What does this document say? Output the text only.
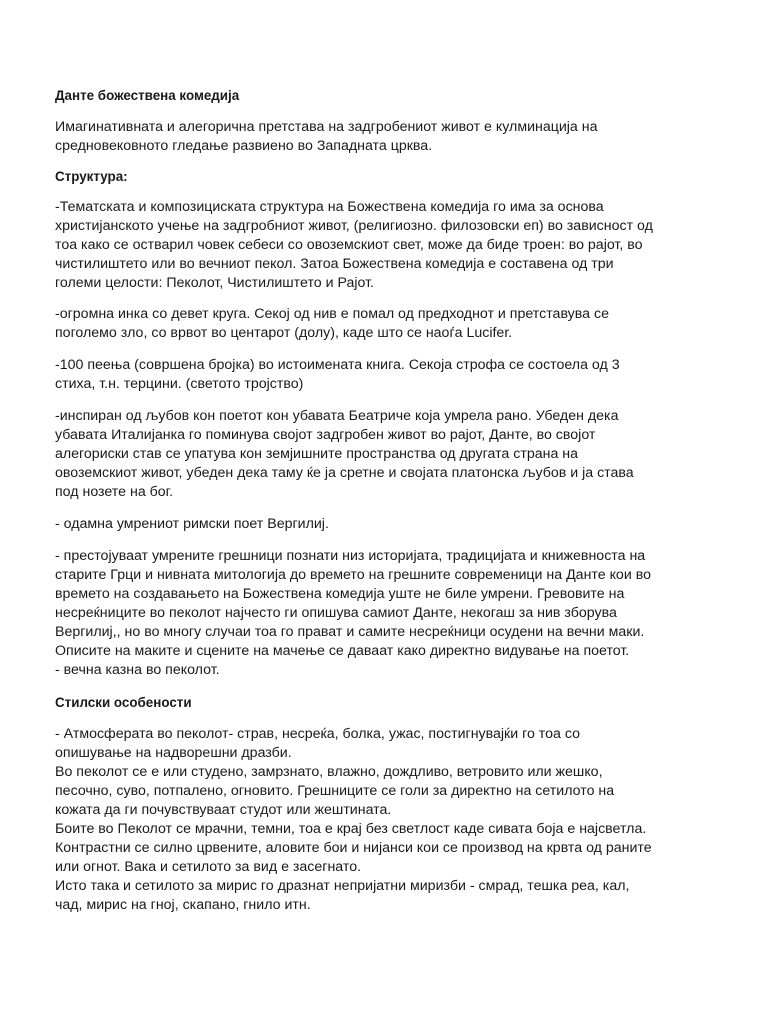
Данте божествена комедија

Имагинативната и алегорична претстава на задгробениот живот е кулминација на
средновековното гледање развиено во Западната црква.

Структура:

-Тематската и композициската структура на Божествена комедија го има за основа
христијанското учење на задгробниот живот, (религиозно. филозовски еп) во зависност од
тоа како се остварил човек себеси со овоземскиот свет, може да биде троен: во рајот, во
чистилиштето или во вечниот пекол. Затоа Божествена комедија е составена од три
големи целости: Пеколот, Чистилиштето и Рајот.

-огромна инка со девет круга. Секој од нив е помал од предходнот и претставува се
поголемо зло, со врвот во центарот (долу), каде што се наоѓа Lucifer.

-100 пеења (совршена бројка) во истоимената книга. Секоја строфа се состоела од 3
стиха, т.н. терцини. (светото тројство)

-инспиран од љубов кон поетот кон убавата Беатриче која умрела рано. Убеден дека
убавата Италијанка го поминува својот задгробен живот во рајот, Данте, во својот
алегориски став се упатува кон земјишните пространства од другата страна на
овоземскиот живот, убеден дека таму ќе ја сретне и својата платонска љубов и ја става
под нозете на бог.

- одамна умрениот римски поет Вергилиј.

- престојуваат умрените грешници познати низ историјата, традицијата и книжевноста на
старите Грци и нивната митологија до времето на грешните современици на Данте кои во
времето на создавањето на Божествена комедија уште не биле умрени. Гревовите на
несреќниците во пеколот најчесто ги опишува самиот Данте, некогаш за нив зборува
Вергилиј,, но во многу случаи тоа го прават и самите несреќници осудени на вечни маки.
Описите на маките и сцените на мачење се даваат како директно видување на поетот.
- вечна казна во пеколот.

Стилски особености

- Атмосферата во пеколот- страв, несреќа, болка, ужас, постигнувајќи го тоа со
опишување на надворешни дразби.
Во пеколот се е или студено, замрзнато, влажно, дождливо, ветровито или жешко,
песочно, суво, потпалено, огновито. Грешниците се голи за директно на сетилото на
кожата да ги почувствуваат студот или жештината.
Боите во Пеколот се мрачни, темни, тоа е крај без светлост каде сивата боја е најсветла.
Контрастни се силно црвените, аловите бои и нијанси кои се производ на крвта од раните
или огнот. Вака и сетилото за вид е засегнато.
Исто така и сетилото за мирис го дразнат непријатни миризби - смрад, тешка реа, кал,
чад, мирис на гној, скапано, гнило итн.
